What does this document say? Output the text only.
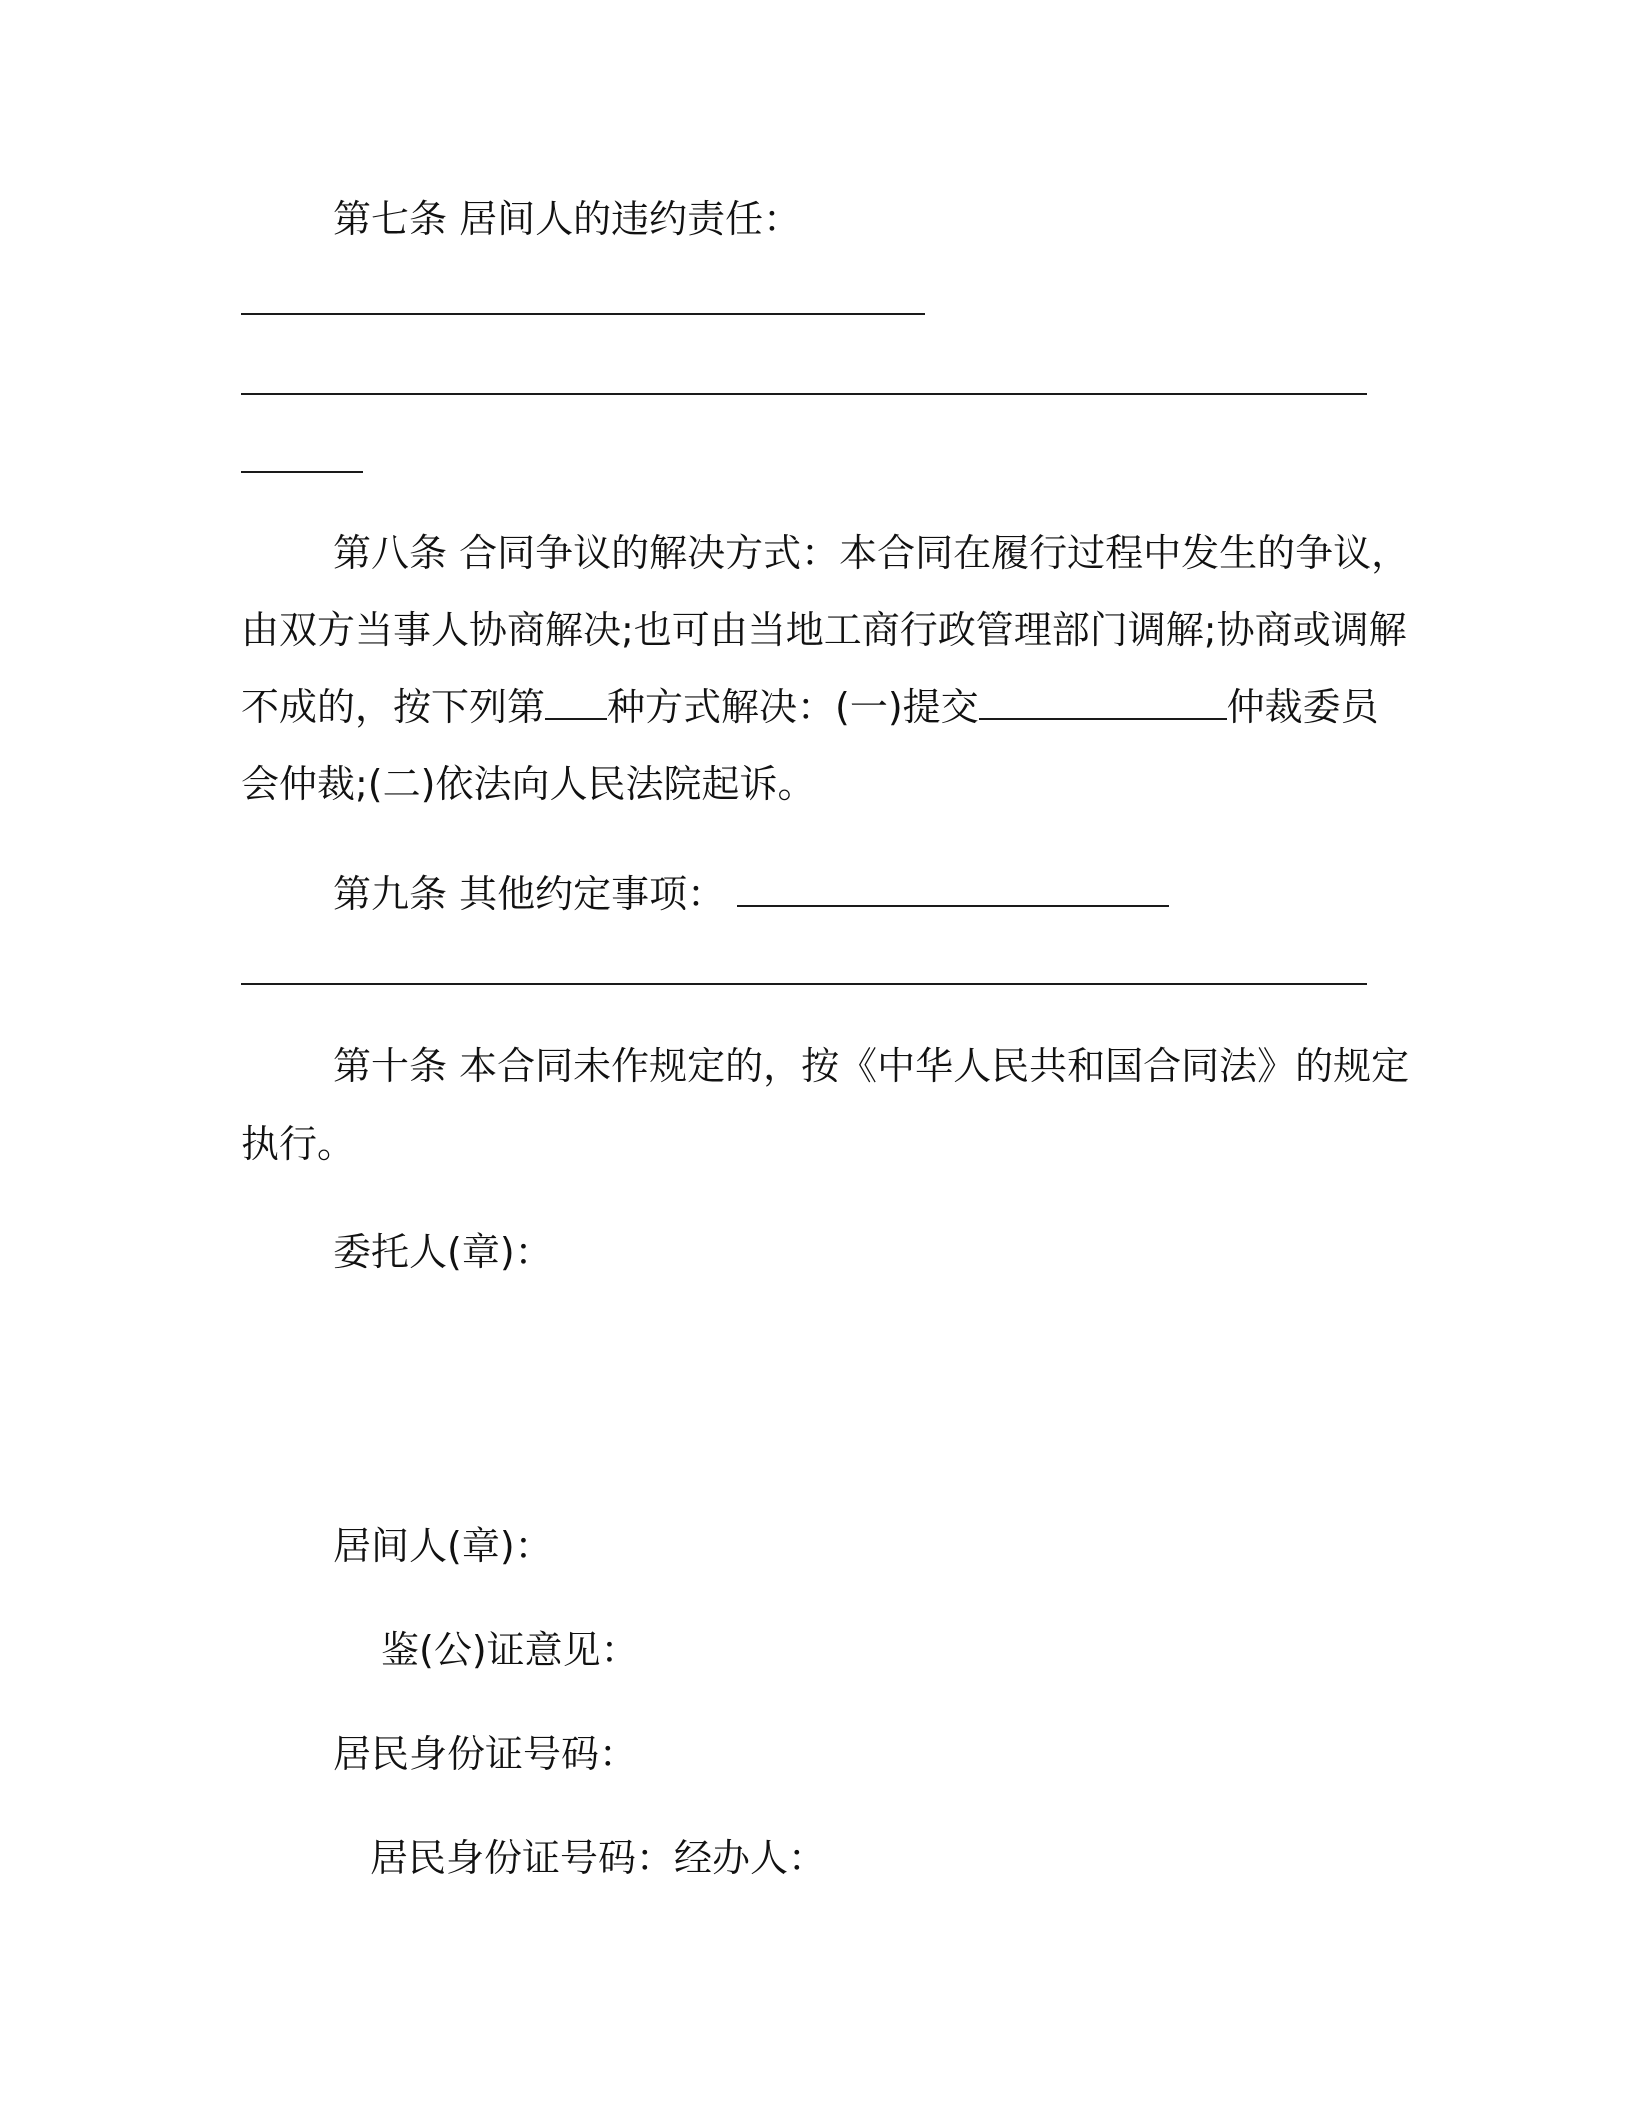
第七条 居间人的违约责任：
第八条 合同争议的解决方式：本合同在履行过程中发生的争议，
由双方当事人协商解决;也可由当地工商行政管理部门调解;协商或调解
不成的，按下列第 种方式解决：(一)提交	仲裁委员
会仲裁;(二)依法向人民法院起诉。
第九条 其他约定事项：
第十条 本合同未作规定的，按《中华人民共和国合同法》的规定
执行。
委托人(章)：
居间人(章)：
鉴(公)证意见：
居民身份证号码：
居民身份证号码：经办人：
